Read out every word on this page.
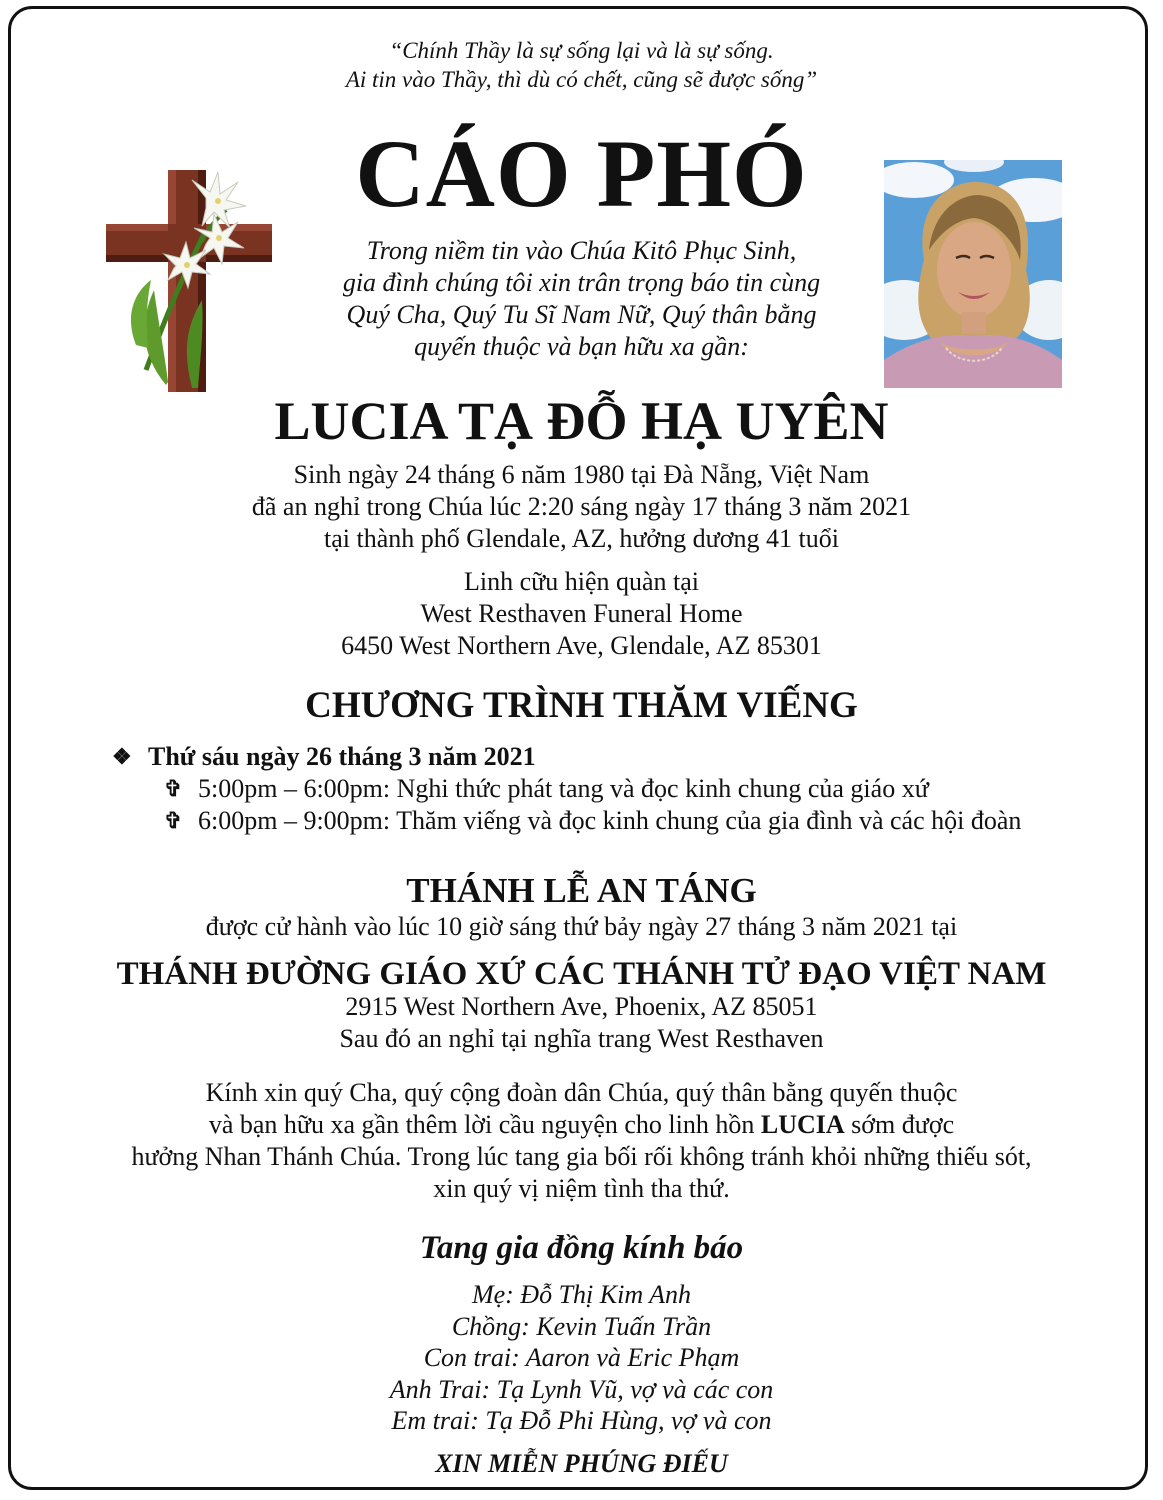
“Chính Thầy là sự sống lại và là sự sống.
Ai tin vào Thầy, thì dù có chết, cũng sẽ được sống”
CÁO PHÓ
Trong niềm tin vào Chúa Kitô Phục Sinh,
gia đình chúng tôi xin trân trọng báo tin cùng
Quý Cha, Quý Tu Sĩ Nam Nữ, Quý thân bằng
quyến thuộc và bạn hữu xa gần:
LUCIA TẠ ĐỖ HẠ UYÊN
Sinh ngày 24 tháng 6 năm 1980 tại Đà Nẵng, Việt Nam
đã an nghỉ trong Chúa lúc 2:20 sáng ngày 17 tháng 3 năm 2021
tại thành phố Glendale, AZ, hưởng dương 41 tuổi
Linh cữu hiện quàn tại
West Resthaven Funeral Home
6450 West Northern Ave, Glendale, AZ 85301
CHƯƠNG TRÌNH THĂM VIẾNG
❖ Thứ sáu ngày 26 tháng 3 năm 2021
✞ 5:00pm – 6:00pm: Nghi thức phát tang và đọc kinh chung của giáo xứ
✞ 6:00pm – 9:00pm: Thăm viếng và đọc kinh chung của gia đình và các hội đoàn
THÁNH LỄ AN TÁNG
được cử hành vào lúc 10 giờ sáng thứ bảy ngày 27 tháng 3 năm 2021 tại
THÁNH ĐƯỜNG GIÁO XỨ CÁC THÁNH TỬ ĐẠO VIỆT NAM
2915 West Northern Ave, Phoenix, AZ 85051
Sau đó an nghỉ tại nghĩa trang West Resthaven
Kính xin quý Cha, quý cộng đoàn dân Chúa, quý thân bằng quyến thuộc
và bạn hữu xa gần thêm lời cầu nguyện cho linh hồn LUCIA sớm được
hưởng Nhan Thánh Chúa. Trong lúc tang gia bối rối không tránh khỏi những thiếu sót,
xin quý vị niệm tình tha thứ.
Tang gia đồng kính báo
Mẹ: Đỗ Thị Kim Anh
Chồng: Kevin Tuấn Trần
Con trai: Aaron và Eric Phạm
Anh Trai: Tạ Lynh Vũ, vợ và các con
Em trai: Tạ Đỗ Phi Hùng, vợ và con
XIN MIỄN PHÚNG ĐIẾU
